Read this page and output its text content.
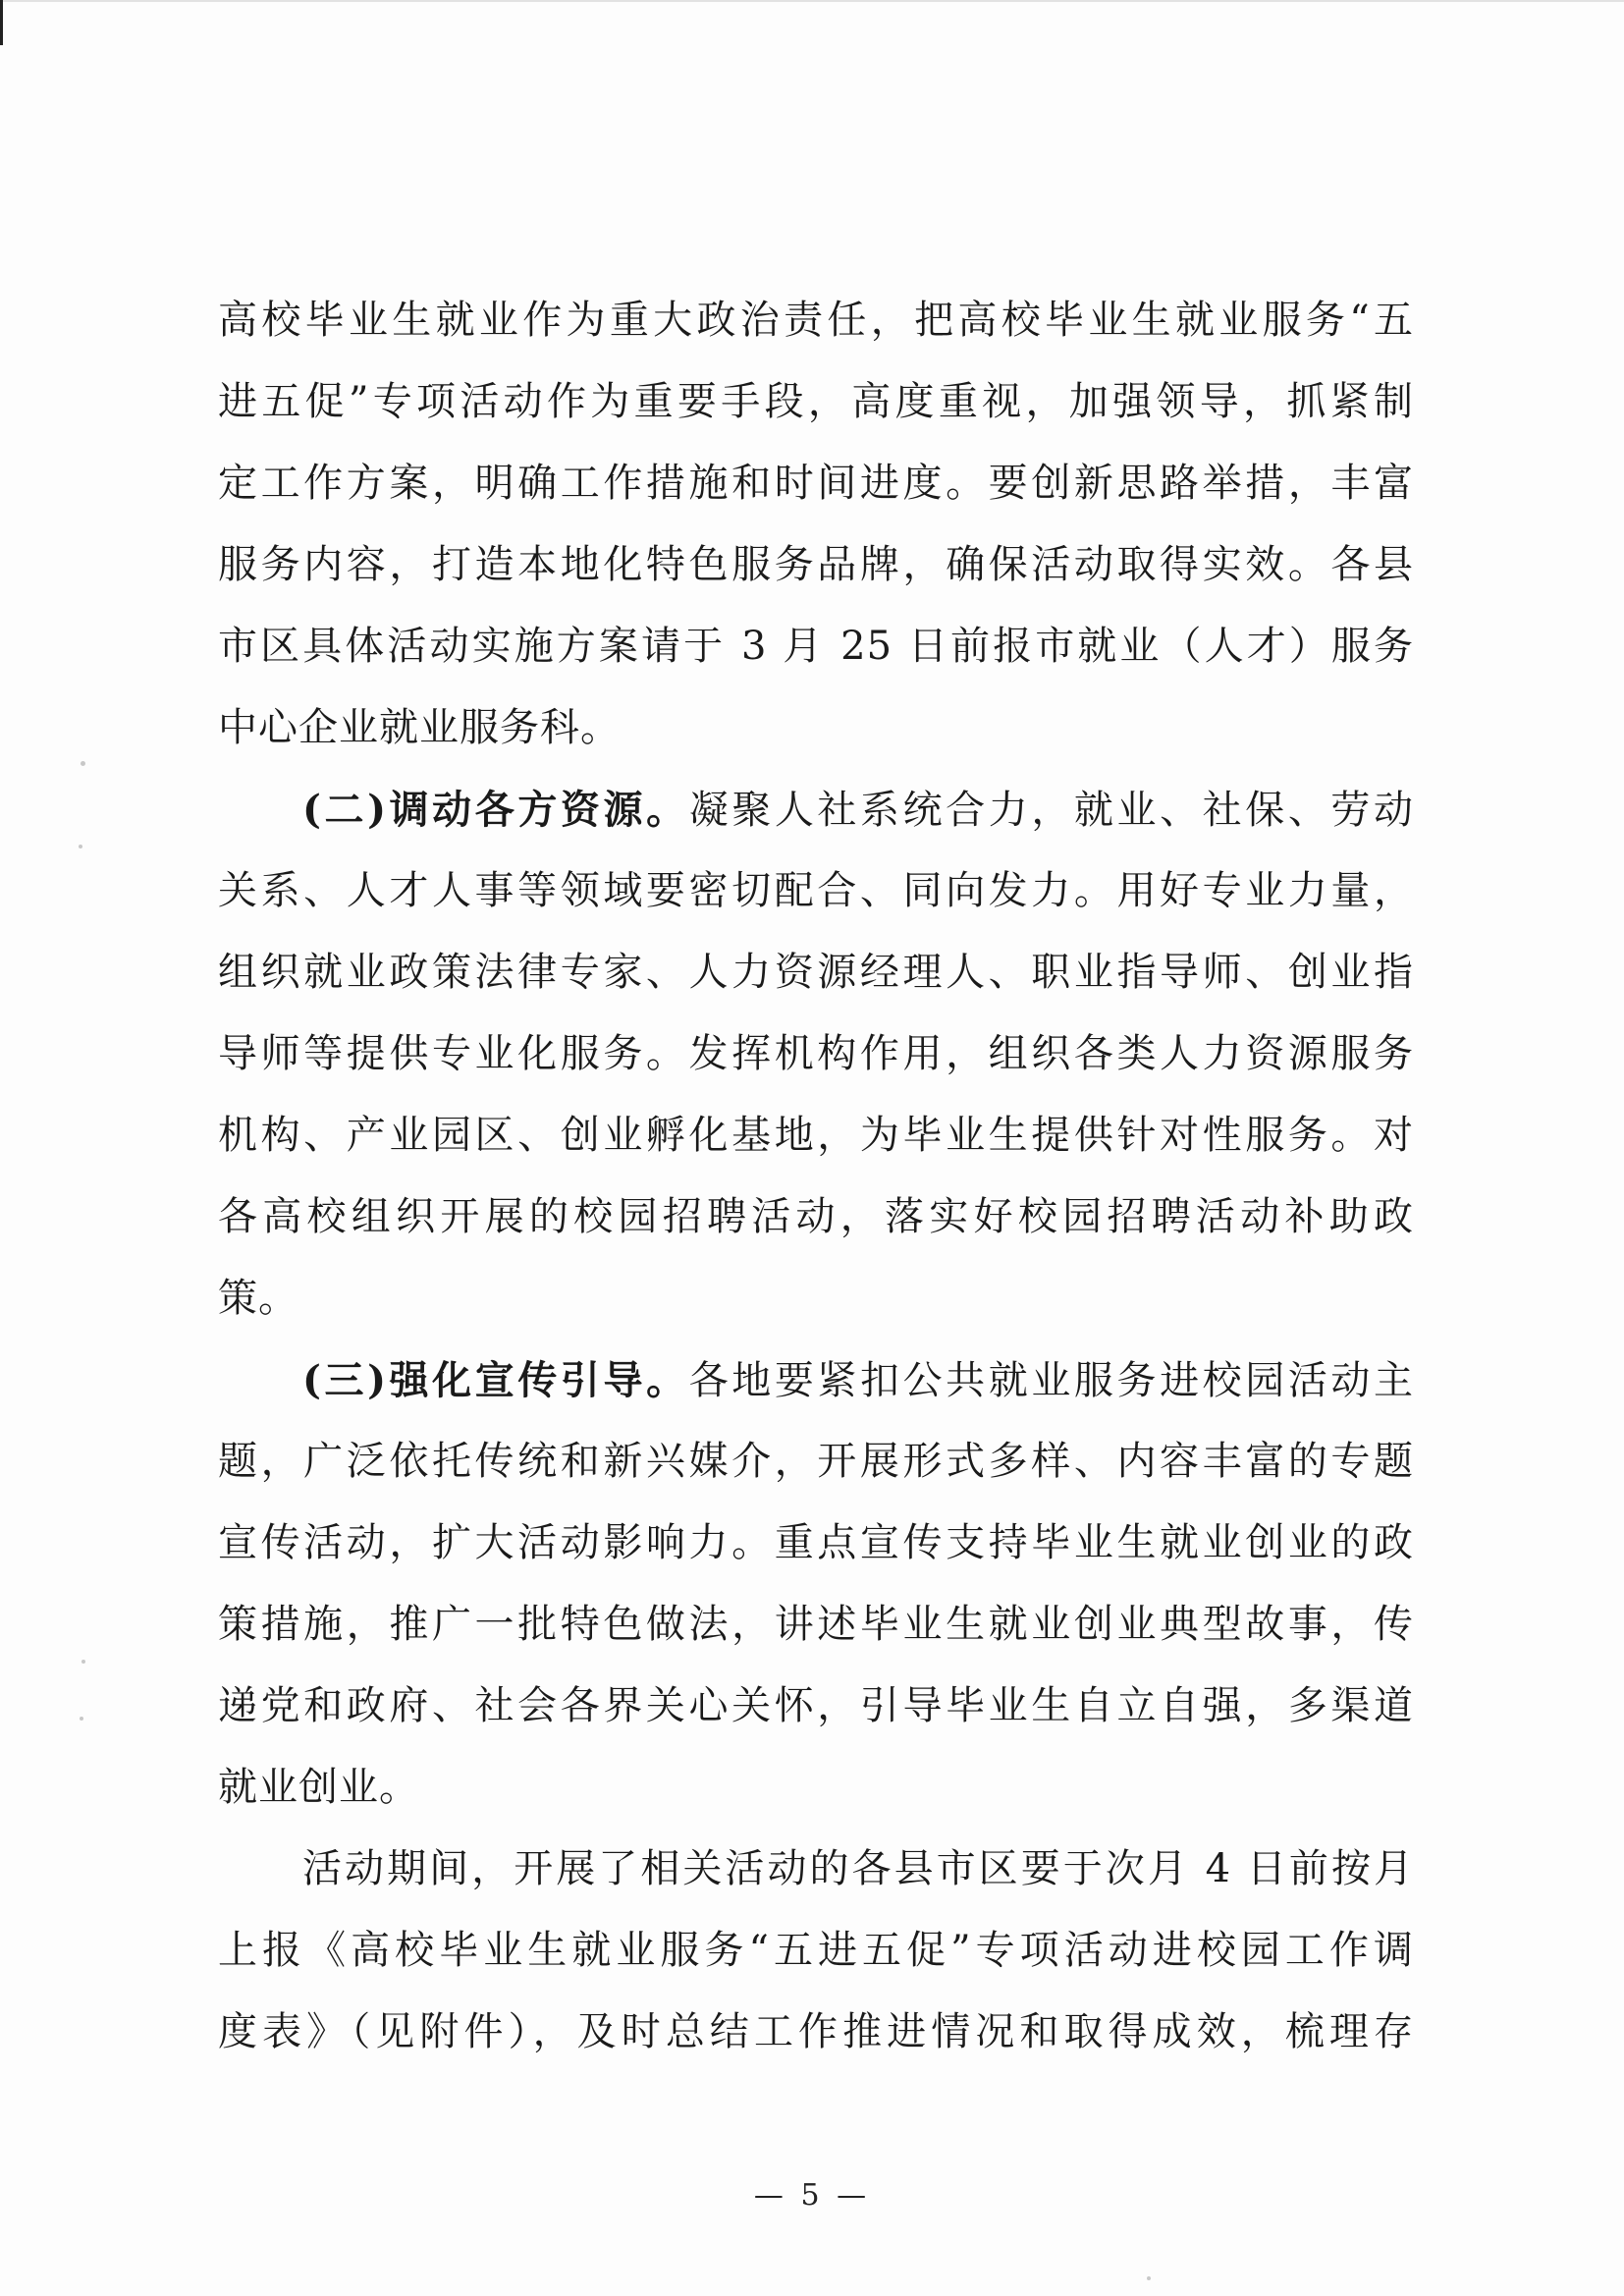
高校毕业生就业作为重大政治责任，把高校毕业生就业服务“五
进五促”专项活动作为重要手段，高度重视，加强领导，抓紧制
定工作方案，明确工作措施和时间进度。要创新思路举措，丰富
服务内容，打造本地化特色服务品牌，确保活动取得实效。各县
市区具体活动实施方案请于 3 月 25 日前报市就业（人才）服务
中心企业就业服务科。
(二)调动各方资源。凝聚人社系统合力，就业、社保、劳动
关系、人才人事等领域要密切配合、同向发力。用好专业力量，
组织就业政策法律专家、人力资源经理人、职业指导师、创业指
导师等提供专业化服务。发挥机构作用，组织各类人力资源服务
机构、产业园区、创业孵化基地，为毕业生提供针对性服务。对
各高校组织开展的校园招聘活动，落实好校园招聘活动补助政
策。
(三)强化宣传引导。各地要紧扣公共就业服务进校园活动主
题，广泛依托传统和新兴媒介，开展形式多样、内容丰富的专题
宣传活动，扩大活动影响力。重点宣传支持毕业生就业创业的政
策措施，推广一批特色做法，讲述毕业生就业创业典型故事，传
递党和政府、社会各界关心关怀，引导毕业生自立自强，多渠道
就业创业。
活动期间，开展了相关活动的各县市区要于次月 4 日前按月
上报《高校毕业生就业服务“五进五促”专项活动进校园工作调
度表》（见附件），及时总结工作推进情况和取得成效，梳理存
— 5 —
